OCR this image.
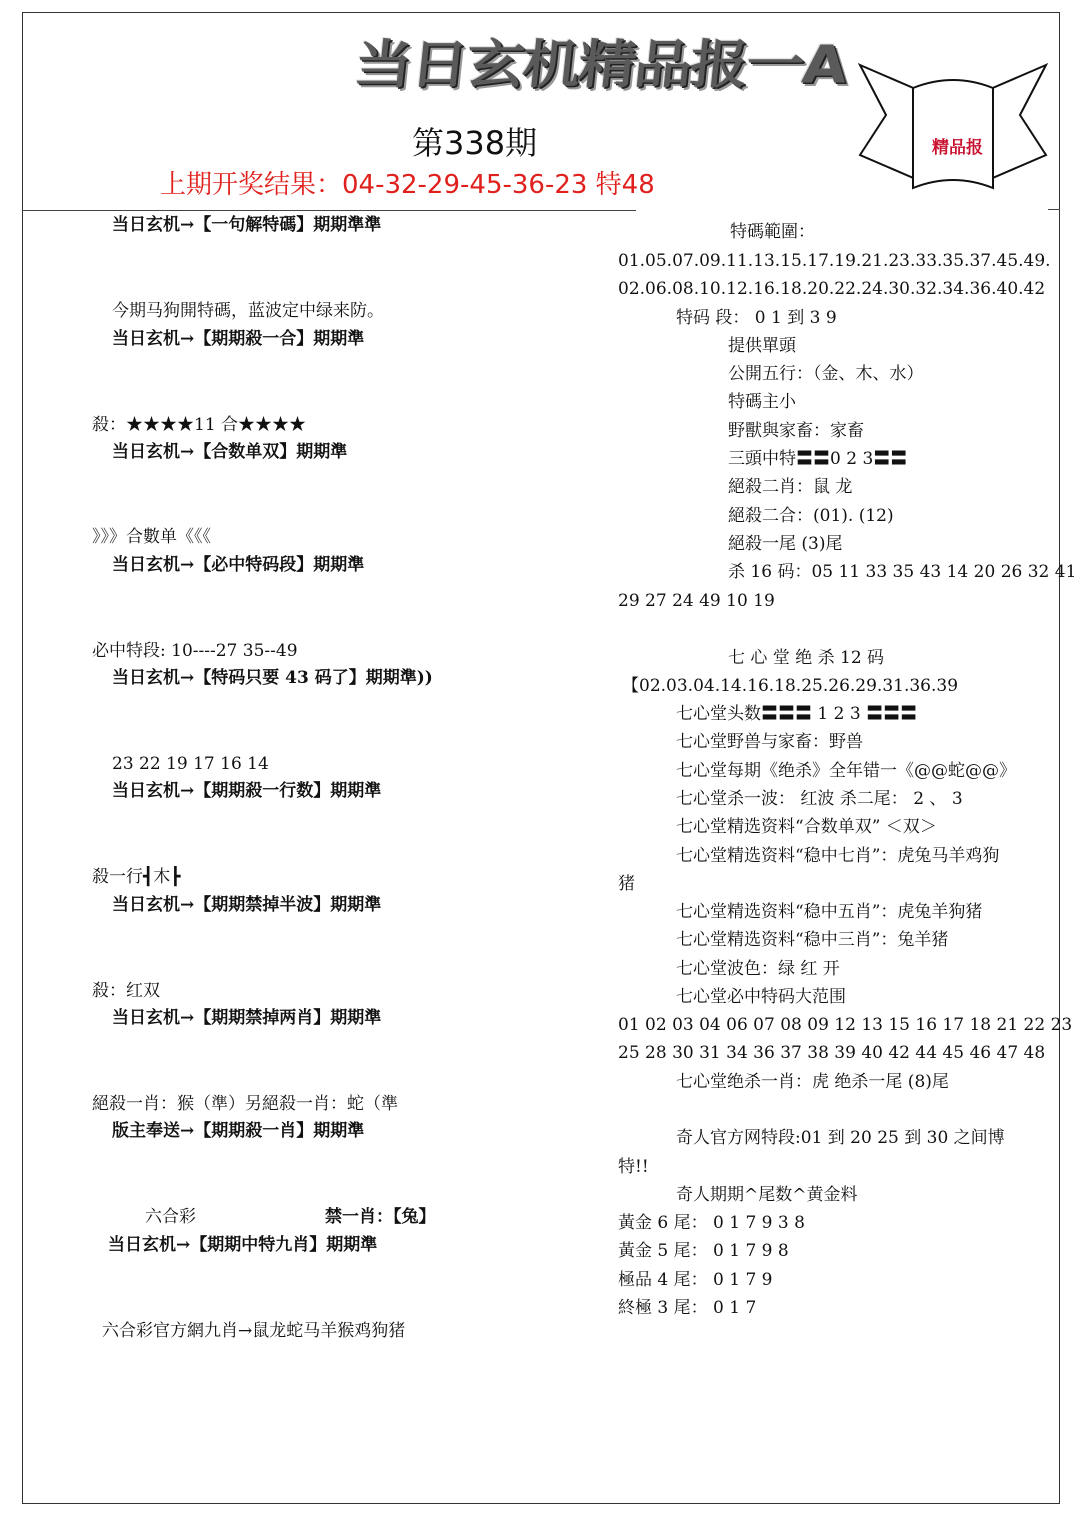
当日玄机精品报一A
精品报
第338期
上期开奖结果：04-32-29-45-36-23 特48
当日玄机→【一句解特碼】期期準準
今期马狗開特碼，蓝波定中绿来防。
当日玄机→【期期殺一合】期期準
殺：★★★★11 合★★★★
当日玄机→【合数单双】期期準
》》》合數单《《《
当日玄机→【必中特码段】期期準
必中特段: 10----27 35--49
当日玄机→【特码只要 43 码了】期期準))
23 22 19 17 16 14
当日玄机→【期期殺一行数】期期準
殺一行┫木┣
当日玄机→【期期禁掉半波】期期準
殺：红双
当日玄机→【期期禁掉两肖】期期準
絕殺一肖：猴（準）另絕殺一肖：蛇（準
版主奉送→【期期殺一肖】期期準
六合彩	禁一肖：【兔】
当日玄机→【期期中特九肖】期期準
六合彩官方網九肖→鼠龙蛇马羊猴鸡狗猪
特碼範圍：
01.05.07.09.11.13.15.17.19.21.23.33.35.37.45.49.
02.06.08.10.12.16.18.20.22.24.30.32.34.36.40.42
特码 段： 0 1 到 3 9
提供單頭
公開五行：（金、木、水）
特碼主小
野獸與家畜：家畜
三頭中特〓〓0 2 3〓〓
絕殺二肖：鼠 龙
絕殺二合：(01). (12)
絕殺一尾 (3)尾
杀 16 码：05 11 33 35 43 14 20 26 32 41
29 27 24 49 10 19
七 心 堂 绝 杀 12 码
【02.03.04.14.16.18.25.26.29.31.36.39
七心堂头数〓〓〓 1 2 3 〓〓〓
七心堂野兽与家畜：野兽
七心堂每期《绝杀》全年错一《@@蛇@@》
七心堂杀一波： 红波 杀二尾： 2 、 3
七心堂精选资料“合数单双” ＜双＞
七心堂精选资料“稳中七肖”：虎兔马羊鸡狗
猪
七心堂精选资料“稳中五肖”：虎兔羊狗猪
七心堂精选资料“稳中三肖”：兔羊猪
七心堂波色：绿 红 开
七心堂必中特码大范围
01 02 03 04 06 07 08 09 12 13 15 16 17 18 21 22 23
25 28 30 31 34 36 37 38 39 40 42 44 45 46 47 48
七心堂绝杀一肖：虎 绝杀一尾 (8)尾
奇人官方网特段:01 到 20 25 到 30 之间博
特!!
奇人期期^尾数^黄金料
黃金 6 尾： 0 1 7 9 3 8
黃金 5 尾： 0 1 7 9 8
極品 4 尾： 0 1 7 9
終極 3 尾： 0 1 7
